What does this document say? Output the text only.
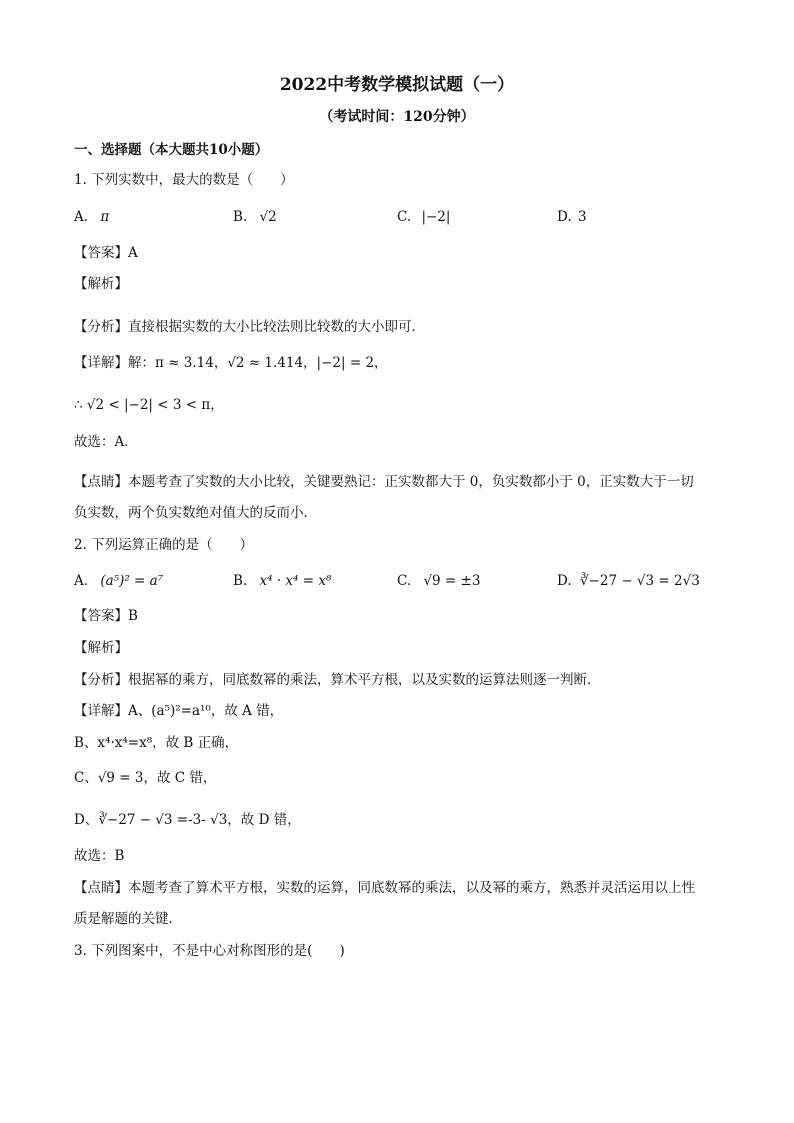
2022中考数学模拟试题（一）
（考试时间：120分钟）
一、选择题（本大题共10小题）
1. 下列实数中，最大的数是（　　）
A. π	B. √2	C. |−2|	D. 3
【答案】A
【解析】
【分析】直接根据实数的大小比较法则比较数的大小即可．
【详解】解：π ≈ 3.14，√2 ≈ 1.414，|−2| = 2，
∴ √2 < |−2| < 3 < π，
故选：A．
【点睛】本题考查了实数的大小比较，关键要熟记：正实数都大于 0，负实数都小于 0，正实数大于一切
负实数，两个负实数绝对值大的反而小．
2. 下列运算正确的是（　　）
A. (a⁵)² = a⁷	B. x⁴ · x⁴ = x⁸	C. √9 = ±3	D. ∛−27 − √3 = 2√3
【答案】B
【解析】
【分析】根据幂的乘方，同底数幂的乘法，算术平方根，以及实数的运算法则逐一判断．
【详解】A、(a⁵)²=a¹⁰，故 A 错，
B、x⁴·x⁴=x⁸，故 B 正确，
C、√9 = 3，故 C 错，
D、∛−27 − √3 =-3- √3，故 D 错，
故选：B
【点睛】本题考查了算术平方根，实数的运算，同底数幂的乘法，以及幂的乘方，熟悉并灵活运用以上性
质是解题的关键．
3. 下列图案中，不是中心对称图形的是(　　)
